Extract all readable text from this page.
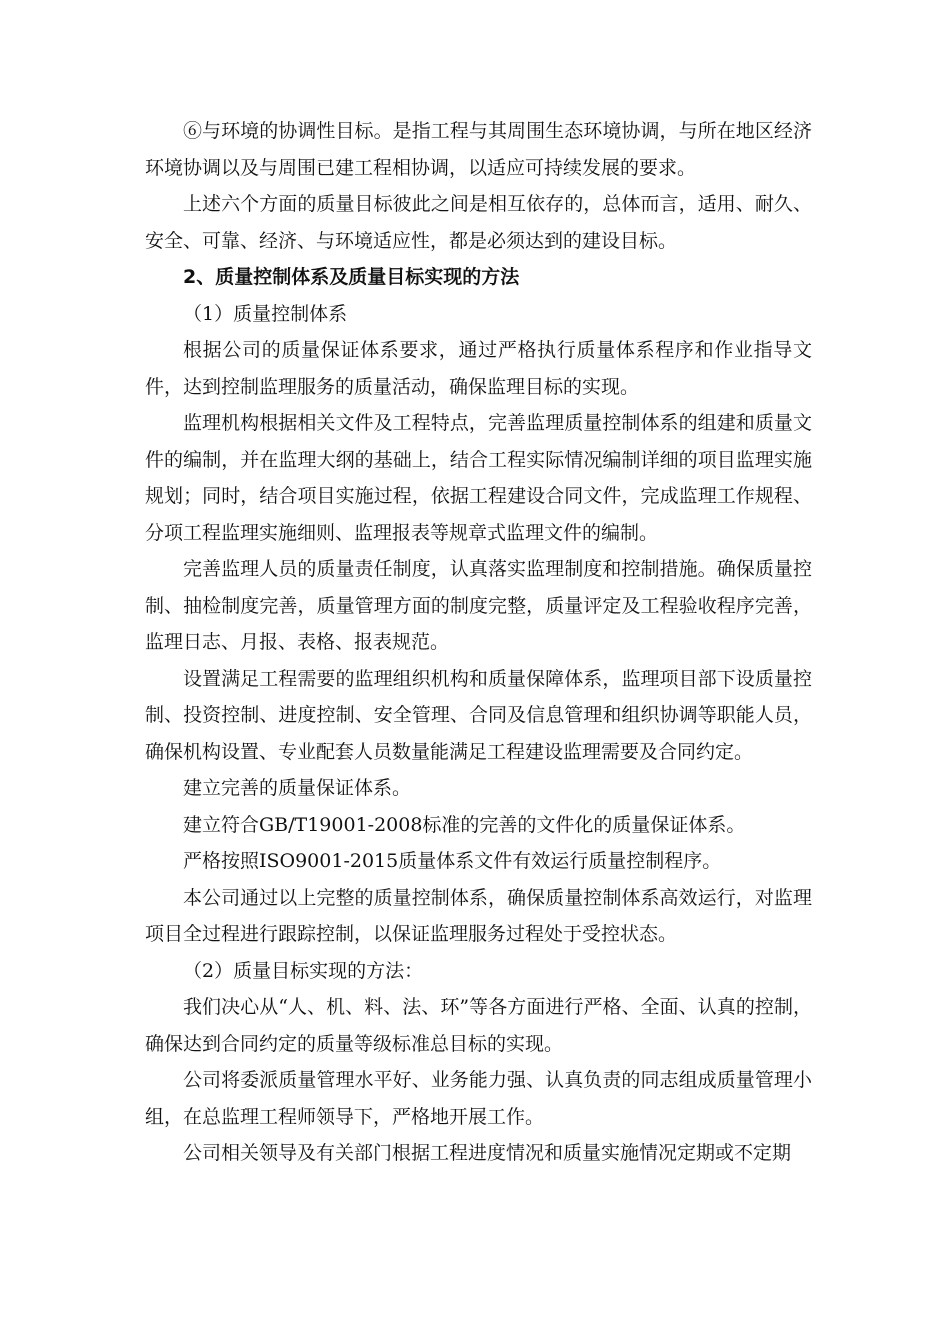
⑥与环境的协调性目标。是指工程与其周围生态环境协调，与所在地区经济环境协调以及与周围已建工程相协调，以适应可持续发展的要求。

上述六个方面的质量目标彼此之间是相互依存的，总体而言，适用、耐久、安全、可靠、经济、与环境适应性，都是必须达到的建设目标。

2、质量控制体系及质量目标实现的方法

（1）质量控制体系

根据公司的质量保证体系要求，通过严格执行质量体系程序和作业指导文件，达到控制监理服务的质量活动，确保监理目标的实现。

监理机构根据相关文件及工程特点，完善监理质量控制体系的组建和质量文件的编制，并在监理大纲的基础上，结合工程实际情况编制详细的项目监理实施规划；同时，结合项目实施过程，依据工程建设合同文件，完成监理工作规程、分项工程监理实施细则、监理报表等规章式监理文件的编制。

完善监理人员的质量责任制度，认真落实监理制度和控制措施。确保质量控制、抽检制度完善，质量管理方面的制度完整，质量评定及工程验收程序完善，监理日志、月报、表格、报表规范。

设置满足工程需要的监理组织机构和质量保障体系，监理项目部下设质量控制、投资控制、进度控制、安全管理、合同及信息管理和组织协调等职能人员，确保机构设置、专业配套人员数量能满足工程建设监理需要及合同约定。

建立完善的质量保证体系。

建立符合GB/T19001-2008标准的完善的文件化的质量保证体系。

严格按照ISO9001-2015质量体系文件有效运行质量控制程序。

本公司通过以上完整的质量控制体系，确保质量控制体系高效运行，对监理项目全过程进行跟踪控制，以保证监理服务过程处于受控状态。

（2）质量目标实现的方法：

我们决心从“人、机、料、法、环”等各方面进行严格、全面、认真的控制，确保达到合同约定的质量等级标准总目标的实现。

公司将委派质量管理水平好、业务能力强、认真负责的同志组成质量管理小组，在总监理工程师领导下，严格地开展工作。

公司相关领导及有关部门根据工程进度情况和质量实施情况定期或不定期
